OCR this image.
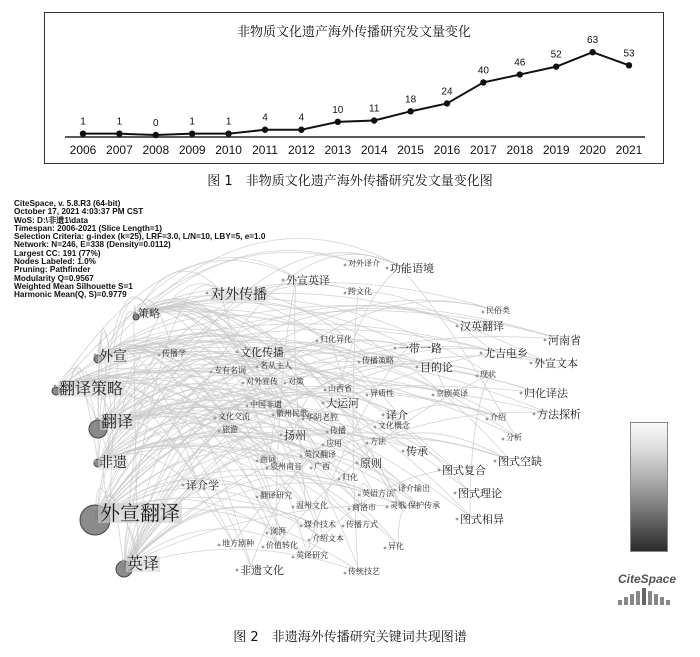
非物质文化遗产海外传播研究发文量变化
1
2006
1
2007
0
2008
1
2009
1
2010
4
2011
4
2012
10
2013
11
2014
18
2015
24
2016
40
2017
46
2018
52
2019
63
2020
53
2021
图 1　非物质文化遗产海外传播研究发文量变化图
CiteSpace, v. 5.8.R3 (64-bit)
October 17, 2021 4:03:37 PM CST
WoS: D:\非遗1\data
Timespan: 2006-2021 (Slice Length=1)
Selection Criteria: g-index (k=25), LRF=3.0, L/N=10, LBY=5, e=1.0
Network: N=246, E=338 (Density=0.0112)
Largest CC: 191 (77%)
Nodes Labeled: 1.0%
Pruning: Pathfinder
Modularity Q=0.9567
Weighted Mean Silhouette S=1
Harmonic Mean(Q, S)=0.9779
外宣翻译
翻译策略
翻译
英译
外宣
非遗
对外传播
策略
外宣英译
功能语境
跨文化
对外译介
民俗类
汉英翻译
河南省
一带一路
目的论
尤吉电乡
外宣文本
归化译法
方法探析
传播学	文化传播
归化异化
传播策略
名从主人
专有名词
对外宣传 对策
山西省
大运河
中国非遗
文化交流	徽州民歌
华阴老腔
旅游	扬州	传播
异质性
译介
文化概念
京剧英译
现状
介绍
分析
方法
传承
应用
英汉翻译
曲词
泉州南音 广西	原则
图式复合
图式空缺
归化
译介学
英语方法
译介输出	图式理论
翻译研究
温州文化	商洛市 灵歌 保护传承
图式相异
媒介技术 传播方式
浏湃
介绍文本
地方剧种 价值转化
英译研究
异化
非遗文化	传统技艺
CiteSpace
图 2　非遗海外传播研究关键词共现图谱
